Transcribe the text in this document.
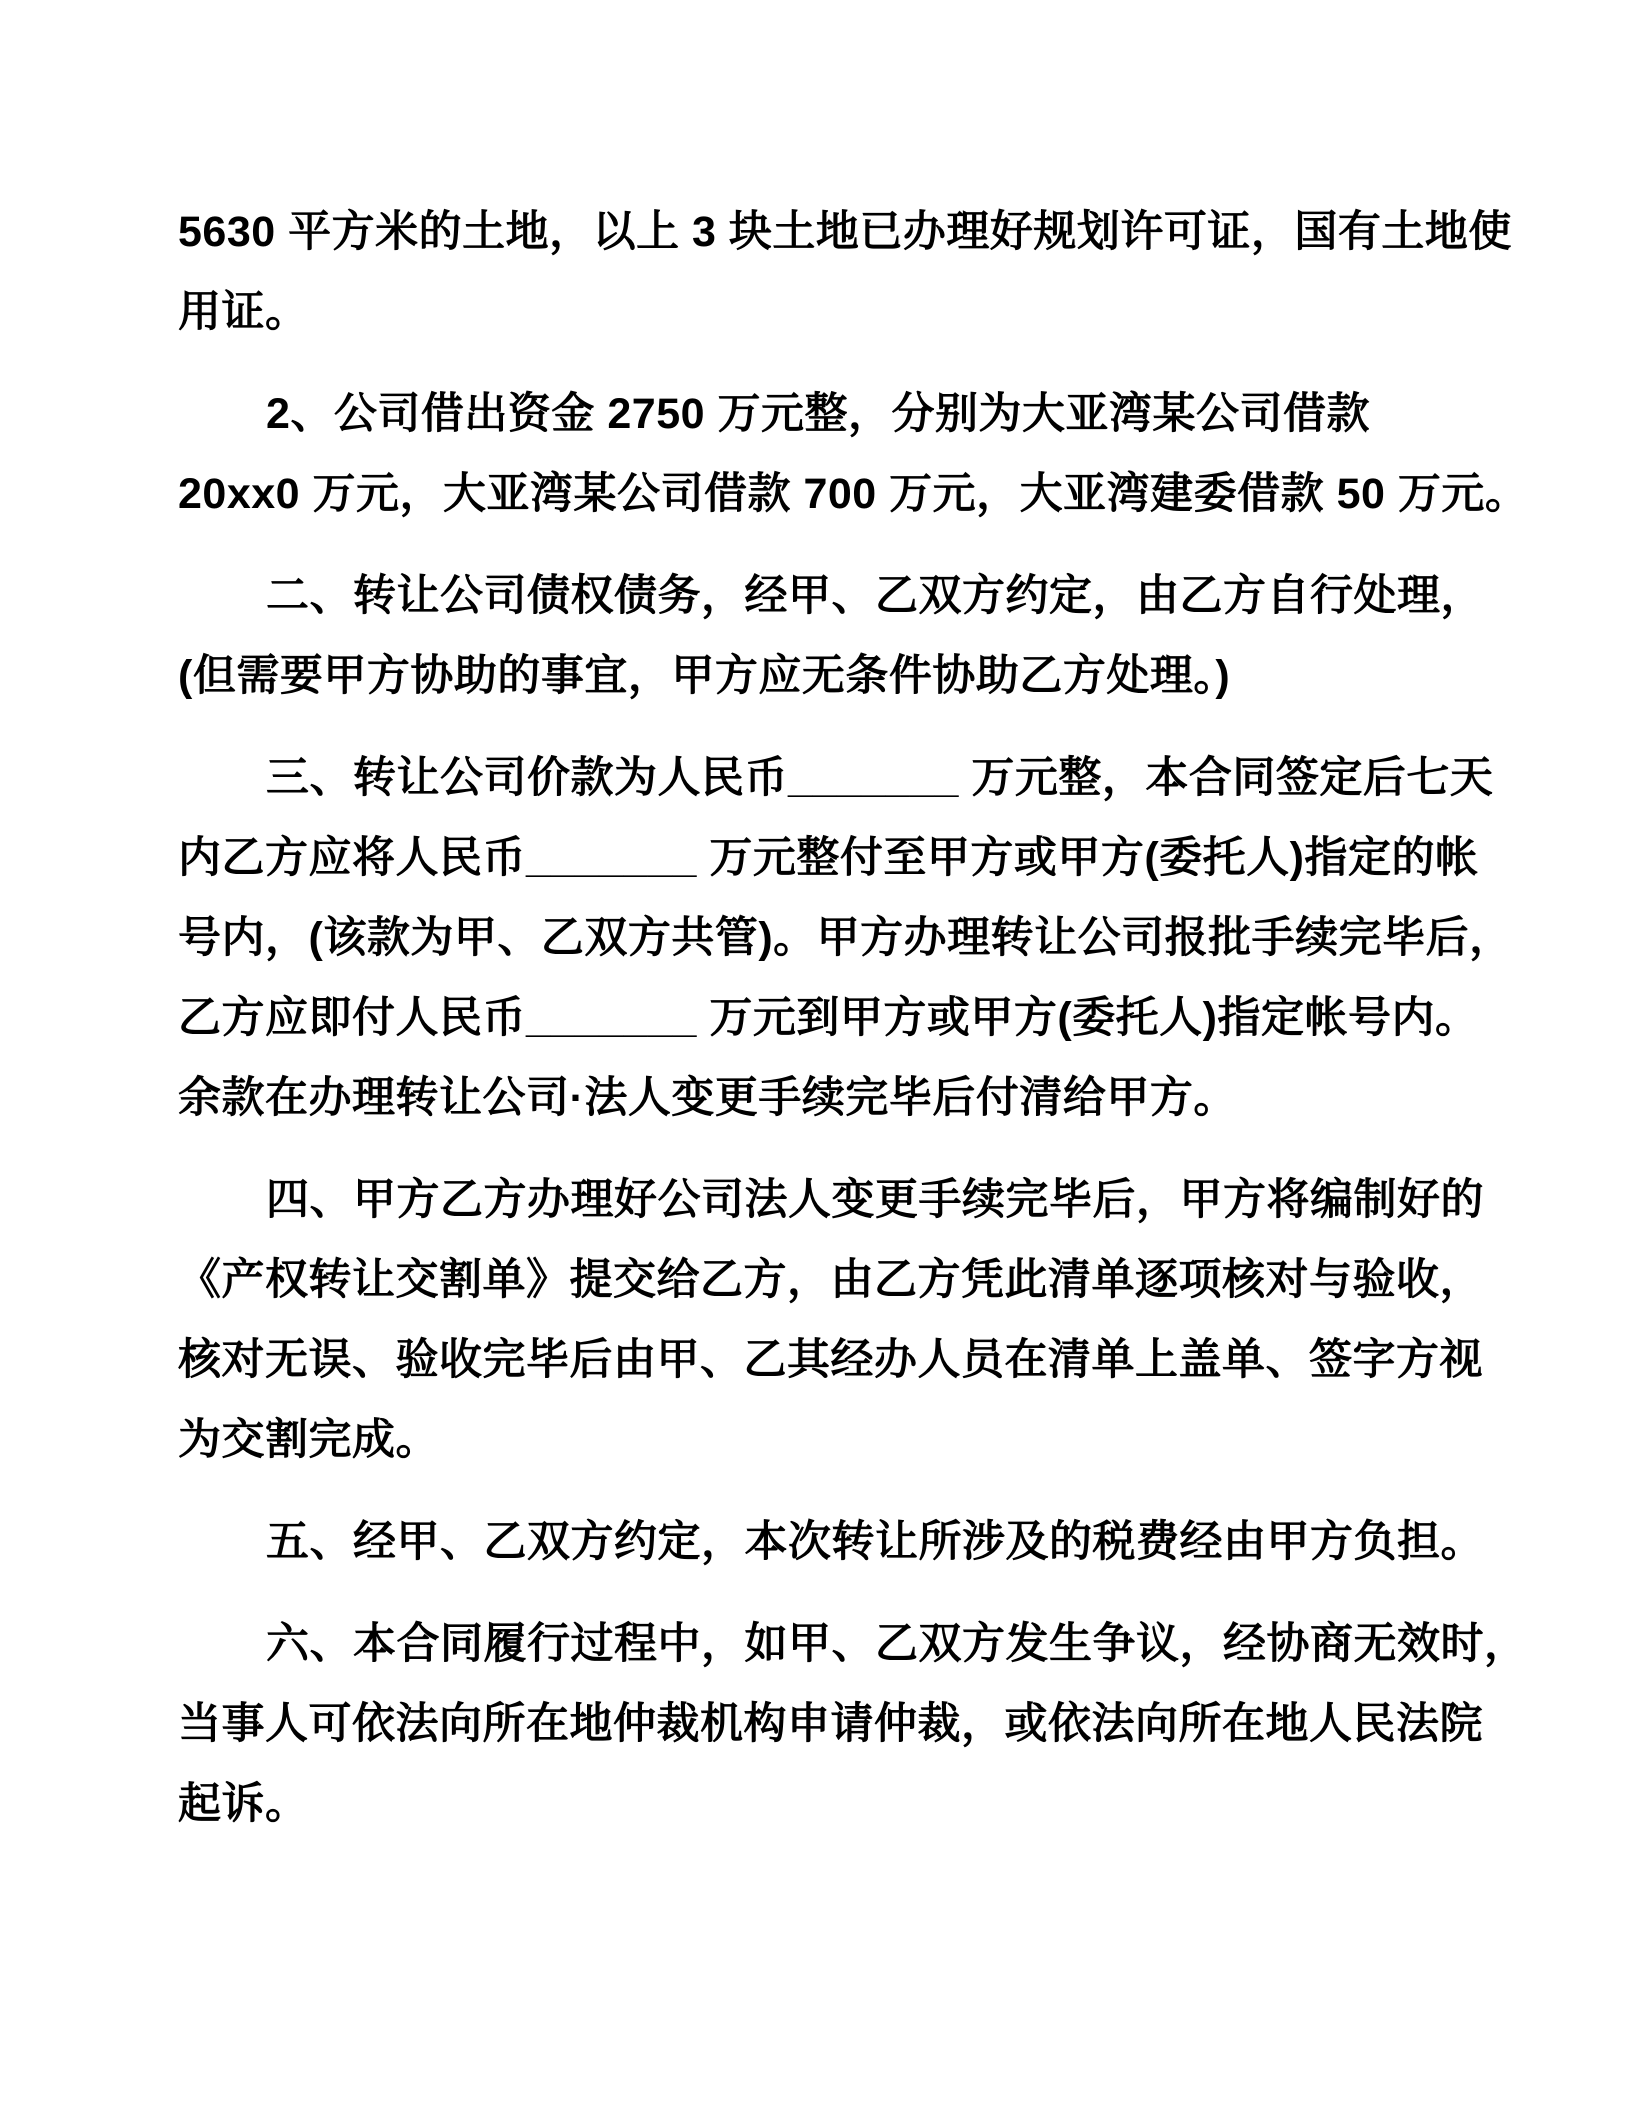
5630 平方米的土地，以上 3 块土地已办理好规划许可证，国有土地使
用证。
2、公司借出资金 2750 万元整，分别为大亚湾某公司借款
20xx0 万元，大亚湾某公司借款 700 万元，大亚湾建委借款 50 万元。
二、转让公司债权债务，经甲、乙双方约定，由乙方自行处理，
(但需要甲方协助的事宜，甲方应无条件协助乙方处理。)
三、转让公司价款为人民币_______ 万元整，本合同签定后七天
内乙方应将人民币_______ 万元整付至甲方或甲方(委托人)指定的帐
号内，(该款为甲、乙双方共管)。甲方办理转让公司报批手续完毕后，
乙方应即付人民币_______ 万元到甲方或甲方(委托人)指定帐号内。
余款在办理转让公司·法人变更手续完毕后付清给甲方。
四、甲方乙方办理好公司法人变更手续完毕后，甲方将编制好的
《产权转让交割单》提交给乙方，由乙方凭此清单逐项核对与验收，
核对无误、验收完毕后由甲、乙其经办人员在清单上盖单、签字方视
为交割完成。
五、经甲、乙双方约定，本次转让所涉及的税费经由甲方负担。
六、本合同履行过程中，如甲、乙双方发生争议，经协商无效时，
当事人可依法向所在地仲裁机构申请仲裁，或依法向所在地人民法院
起诉。
